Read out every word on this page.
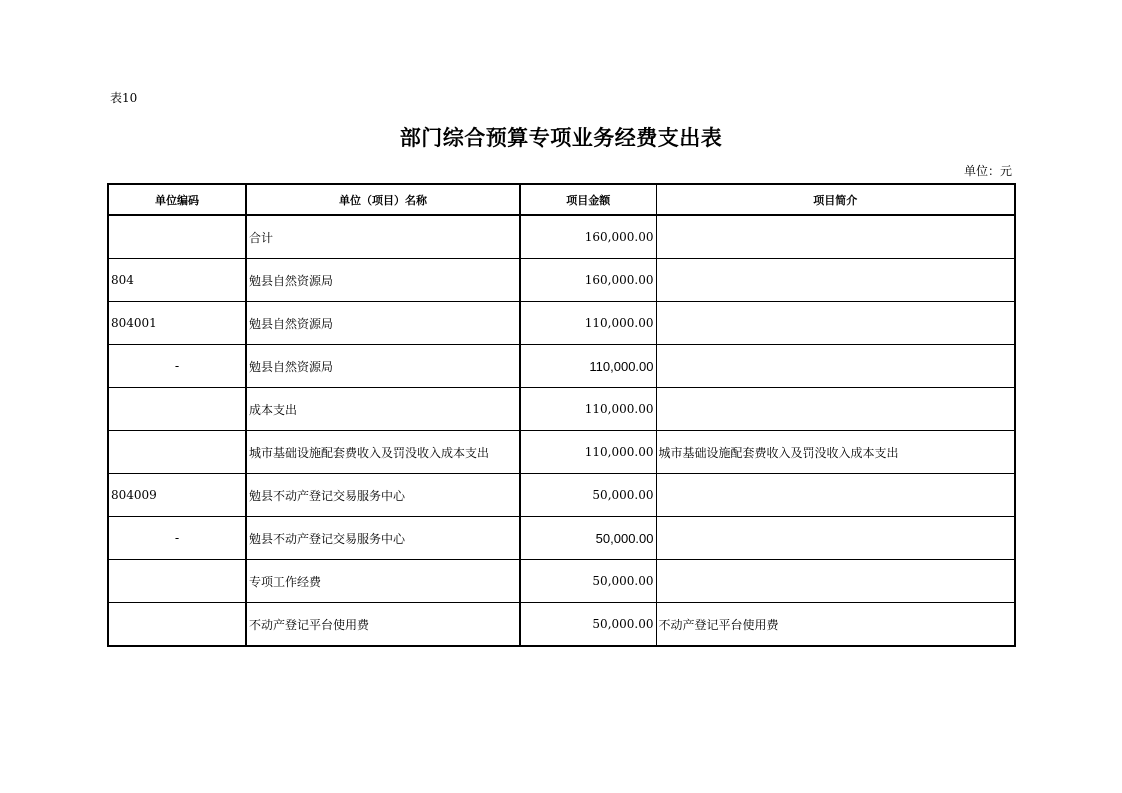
表10
部门综合预算专项业务经费支出表
单位：元
单位编码	单位（项目）名称	项目金额	项目简介
	合计	160,000.00	
804	勉县自然资源局	160,000.00	
804001	勉县自然资源局	110,000.00	
-	勉县自然资源局	110,000.00	
	成本支出	110,000.00	
	城市基础设施配套费收入及罚没收入成本支出	110,000.00	城市基础设施配套费收入及罚没收入成本支出
804009	勉县不动产登记交易服务中心	50,000.00	
-	勉县不动产登记交易服务中心	50,000.00	
	专项工作经费	50,000.00	
	不动产登记平台使用费	50,000.00	不动产登记平台使用费
